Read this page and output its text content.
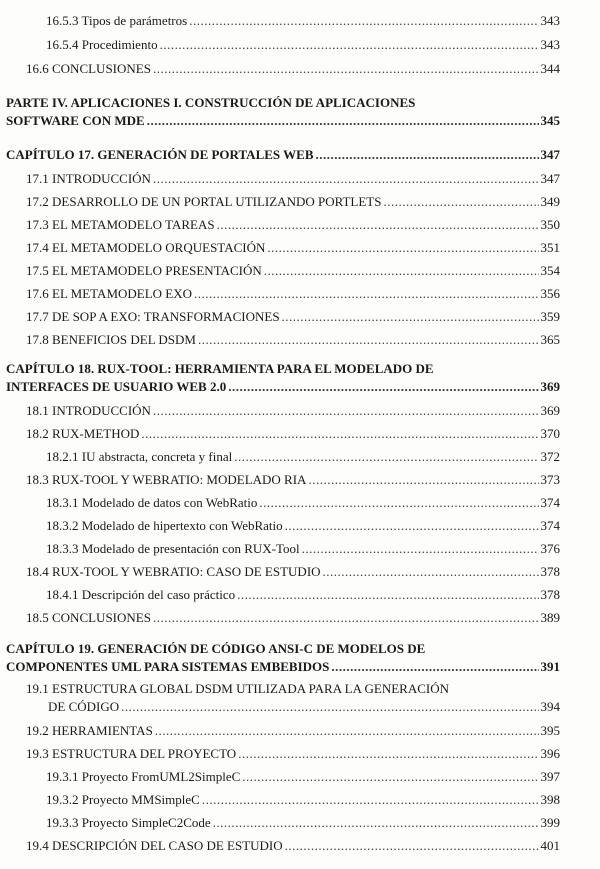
16.5.3 Tipos de parámetros .....	343
16.5.4 Procedimiento .....	343
16.6 CONCLUSIONES .....	344
PARTE IV. APLICACIONES I. CONSTRUCCIÓN DE APLICACIONES
SOFTWARE CON MDE .....	345
CAPÍTULO 17. GENERACIÓN DE PORTALES WEB .....	347
17.1 INTRODUCCIÓN .....	347
17.2 DESARROLLO DE UN PORTAL UTILIZANDO PORTLETS .....	349
17.3 EL METAMODELO TAREAS .....	350
17.4 EL METAMODELO ORQUESTACIÓN .....	351
17.5 EL METAMODELO PRESENTACIÓN .....	354
17.6 EL METAMODELO EXO .....	356
17.7 DE SOP A EXO: TRANSFORMACIONES .....	359
17.8 BENEFICIOS DEL DSDM .....	365
CAPÍTULO 18. RUX-TOOL: HERRAMIENTA PARA EL MODELADO DE
INTERFACES DE USUARIO WEB 2.0 .....	369
18.1 INTRODUCCIÓN .....	369
18.2 RUX-METHOD .....	370
18.2.1 IU abstracta, concreta y final .....	372
18.3 RUX-TOOL Y WEBRATIO: MODELADO RIA .....	373
18.3.1 Modelado de datos con WebRatio .....	374
18.3.2 Modelado de hipertexto con WebRatio .....	374
18.3.3 Modelado de presentación con RUX-Tool .....	376
18.4 RUX-TOOL Y WEBRATIO: CASO DE ESTUDIO .....	378
18.4.1 Descripción del caso práctico .....	378
18.5 CONCLUSIONES .....	389
CAPÍTULO 19. GENERACIÓN DE CÓDIGO ANSI-C DE MODELOS DE
COMPONENTES UML PARA SISTEMAS EMBEBIDOS .....	391
19.1 ESTRUCTURA GLOBAL DSDM UTILIZADA PARA LA GENERACIÓN
DE CÓDIGO .....	394
19.2 HERRAMIENTAS .....	395
19.3 ESTRUCTURA DEL PROYECTO .....	396
19.3.1 Proyecto FromUML2SimpleC .....	397
19.3.2 Proyecto MMSimpleC .....	398
19.3.3 Proyecto SimpleC2Code .....	399
19.4 DESCRIPCIÓN DEL CASO DE ESTUDIO .....	401
